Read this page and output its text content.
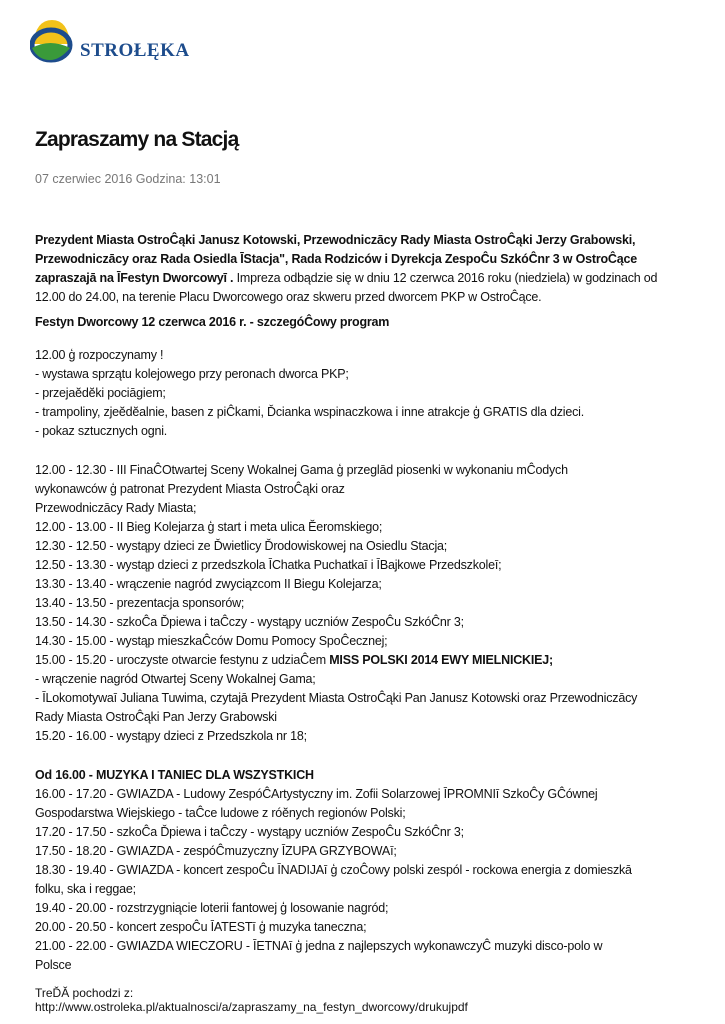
STROŁĘKA
Zapraszamy na Stacją
07 czerwiec 2016 Godzina: 13:01

Prezydent Miasta OstroĈąki Janusz Kotowski, Przewodniczācy Rady Miasta OstroĈąki Jerzy Grabowski, Przewodniczācy oraz Rada Osiedla ĪStacja", Rada Rodziców i Dyrekcja ZespoĈu SzkóĈnr 3 w OstroĈące zapraszajā na ĪFestyn Dworcowyī . Impreza odbądzie się w dniu 12 czerwca 2016 roku (niedziela) w godzinach od 12.00 do 24.00, na terenie Placu Dworcowego oraz skweru przed dworcem PKP w OstroĈące.

Festyn Dworcowy 12 czerwca 2016 r. - szczegóĈowy program

12.00 ģ rozpoczynamy !

- wystawa sprzątu kolejowego przy peronach dworca PKP;

- przejaĕdĕki pociāgiem;

- trampoliny, zjeĕdĕalnie, basen z piĈkami, Ďcianka wspinaczkowa i inne atrakcje ģ GRATIS dla dzieci.

- pokaz sztucznych ogni.

12.00 - 12.30 - III FinaĈOtwartej Sceny Wokalnej Gama ģ przeglād piosenki w wykonaniu mĈodych

wykonawców ģ patronat Prezydent Miasta OstroĈąki oraz

Przewodniczācy Rady Miasta;

12.00 - 13.00 - II Bieg Kolejarza ģ start i meta ulica Ĕeromskiego;

12.30 - 12.50 - wystąpy dzieci ze Ďwietlicy Ďrodowiskowej na Osiedlu Stacja;

12.50 - 13.30 - wystąp dzieci z przedszkola ĪChatka Puchatkaī i ĪBajkowe Przedszkoleī;

13.30 - 13.40 - wrączenie nagród zwyciązcom II Biegu Kolejarza;

13.40 - 13.50 - prezentacja sponsorów;

13.50 - 14.30 - szkoĈa Ďpiewa i taĈczy - wystąpy uczniów ZespoĈu SzkóĈnr 3;

14.30 - 15.00 - wystąp mieszkaĈców Domu Pomocy SpoĈecznej;

15.00 - 15.20 - uroczyste otwarcie festynu z udziaĈem MISS POLSKI 2014 EWY MIELNICKIEJ;

- wrączenie nagród Otwartej Sceny Wokalnej Gama;

- ĪLokomotywaī Juliana Tuwima, czytajā Prezydent Miasta OstroĈąki Pan Janusz Kotowski oraz Przewodniczācy

Rady Miasta OstroĈąki Pan Jerzy Grabowski

15.20 - 16.00 - wystąpy dzieci z Przedszkola nr 18;

Od 16.00 - MUZYKA I TANIEC DLA WSZYSTKICH

16.00 - 17.20 - GWIAZDA - Ludowy ZespóĈArtystyczny im. Zofii Solarzowej ĪPROMNIī SzkoĈy GĈównej

Gospodarstwa Wiejskiego - taĈce ludowe z róĕnych regionów Polski;

17.20 - 17.50 - szkoĈa Ďpiewa i taĈczy - wystąpy uczniów ZespoĈu SzkóĈnr 3;

17.50 - 18.20 - GWIAZDA - zespóĈmuzyczny ĪZUPA GRZYBOWAī;

18.30 - 19.40 - GWIAZDA - koncert zespoĈu ĪNADIJAī ģ czoĈowy polski zespól - rockowa energia z domieszkā

folku, ska i reggae;

19.40 - 20.00 - rozstrzygniącie loterii fantowej ģ losowanie nagród;

20.00 - 20.50 - koncert zespoĈu ĪATESTī ģ muzyka taneczna;

21.00 - 22.00 - GWIAZDA WIECZORU - ĪETNAī ģ jedna z najlepszych wykonawczyĈ muzyki disco-polo w

Polsce

TreĎĂ pochodzi z:
http://www.ostroleka.pl/aktualnosci/a/zapraszamy_na_festyn_dworcowy/drukujpdf
